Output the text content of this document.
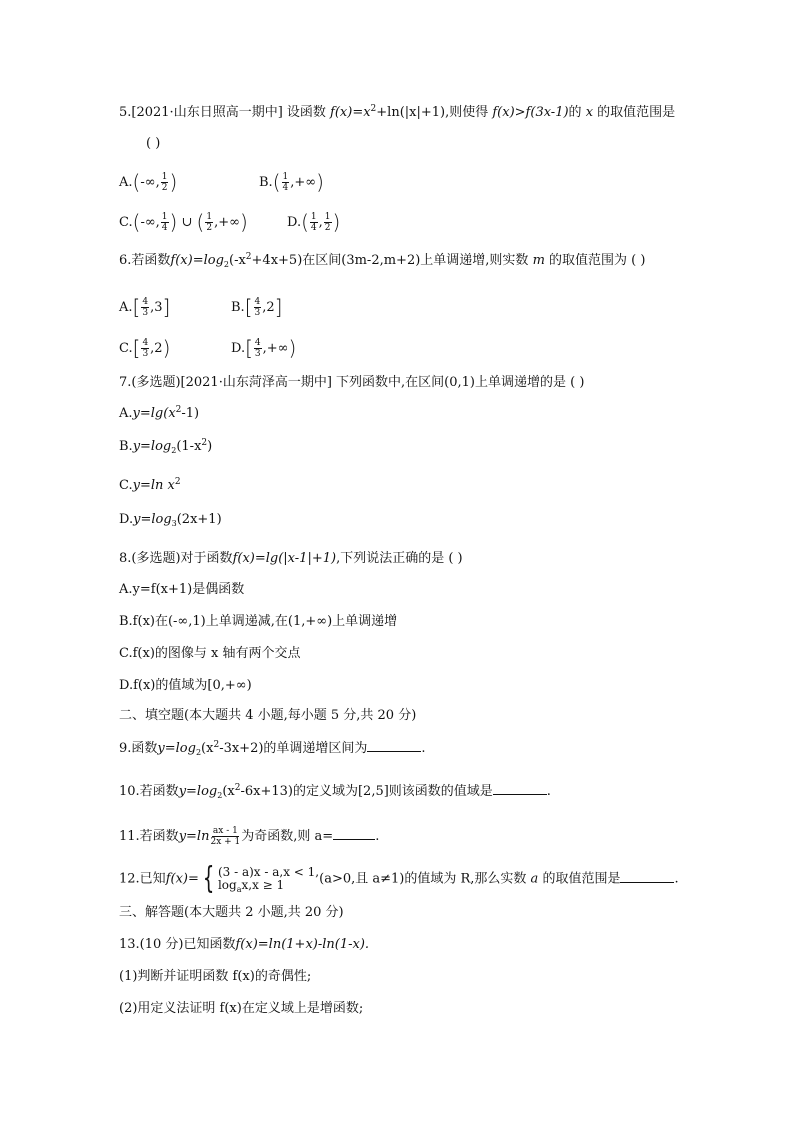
5.[2021·山东日照高一期中] 设函数 $f(x)=x^2+\ln(|x|+1)$,则使得 f(x)>f(3x-1)的 x 的取值范围是
( )
A.(-∞, $\frac{1}{2}$ )	$B.( \frac{1}{4}$ ,+∞)
C.(-∞, $\frac{1}{4}$ ) ∪ ( $\frac{1}{2}$ ,+∞)	$D.( \frac{1}{4}$ , $\frac{1}{2}$ )
6.若函数$f(x)=\log_2(-x^2+4x+5)$在区间(3m-2,m+2)上单调递增,则实数 m 的取值范围为 ( )
$A.[ \frac{4}{3} ,3]$	$B.[ \frac{4}{3} ,2]$
$C.[ \frac{4}{3} ,2)$	$D.[ \frac{4}{3}$ ,+∞)
7.(多选题)[2021·山东菏泽高一期中] 下列函数中,在区间(0,1)上单调递增的是 ( )
$A.y=\lg(x^2-1)$
$B.y=\log_2(1-x^2)$
C.y=ln $x^2$
$D.y=\log_3(2x+1)$
8.(多选题)对于函数f(x)=lg(|x-1|+1),下列说法正确的是 ( )
A.y=f(x+1)是偶函数
B.f(x)在(-∞,1)上单调递减,在(1,+∞)上单调递增
C.f(x)的图像与 x 轴有两个交点
D.f(x)的值域为[0,+∞)
二、填空题(本大题共 4 小题,每小题 5 分,共 20 分)
9.函数$y=\log_2(x^2-3x+2)$的单调递增区间为	.
10.若函数$y=\log_2(x^2-6x+13)$的定义域为[2,5]则该函数的值域是	.
11.若函数$y=\ln \frac{ax - 1}{2x + 1}$ 为奇函数,则 a=	.
12.已知f(x)= { (3 - a)x - a,x < 1,
$\log_ax,x \ge 1$	(a>0,且 a≠1)的值域为 R,那么实数 a 的取值范围是	.
三、解答题(本大题共 2 小题,共 20 分)
13.(10 分)已知函数f(x)=ln(1+x)-ln(1-x).
(1)判断并证明函数 f(x)的奇偶性;
(2)用定义法证明 f(x)在定义域上是增函数;
